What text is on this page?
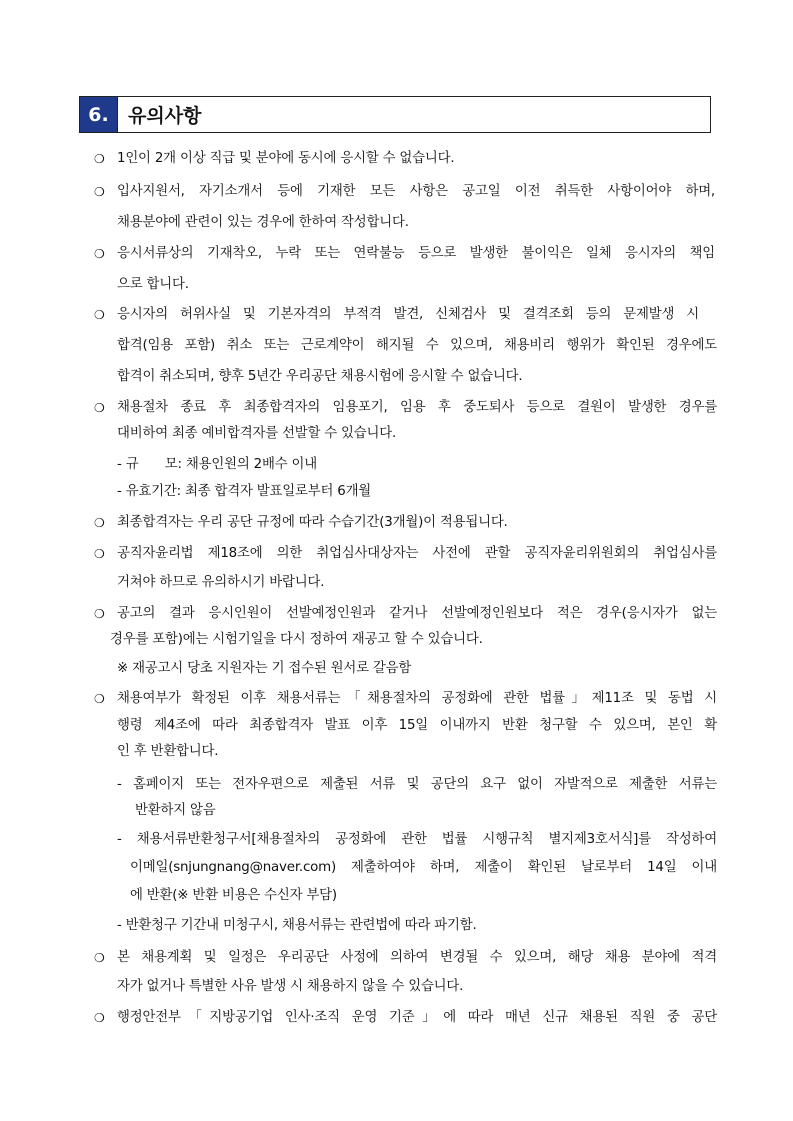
6.	유의사항
❍
❍
❍
❍
❍
❍
❍
❍
❍
❍
❍
1인이 2개 이상 직급 및 분야에 동시에 응시할 수 없습니다.
입사지원서, 자기소개서 등에 기재한 모든 사항은 공고일 이전 취득한 사항이어야 하며,
채용분야에 관련이 있는 경우에 한하여 작성합니다.
응시서류상의 기재착오, 누락 또는 연락불능 등으로 발생한 불이익은 일체 응시자의 책임
으로 합니다.
응시자의 허위사실 및 기본자격의 부적격 발견, 신체검사 및 결격조회 등의 문제발생 시
합격(임용 포함) 취소 또는 근로계약이 해지될 수 있으며, 채용비리 행위가 확인된 경우에도
합격이 취소되며, 향후 5년간 우리공단 채용시험에 응시할 수 없습니다.
채용절차 종료 후 최종합격자의 임용포기, 임용 후 중도퇴사 등으로 결원이 발생한 경우를
대비하여 최종 예비합격자를 선발할 수 있습니다.
- 규　　모: 채용인원의 2배수 이내
- 유효기간: 최종 합격자 발표일로부터 6개월
최종합격자는 우리 공단 규정에 따라 수습기간(3개월)이 적용됩니다.
공직자윤리법 제18조에 의한 취업심사대상자는 사전에 관할 공직자윤리위원회의 취업심사를
거쳐야 하므로 유의하시기 바랍니다.
공고의 결과 응시인원이 선발예정인원과 같거나 선발예정인원보다 적은 경우(응시자가 없는
경우를 포함)에는 시험기일을 다시 정하여 재공고 할 수 있습니다.
※ 재공고시 당초 지원자는 기 접수된 원서로 갈음함
채용여부가 확정된 이후 채용서류는「채용절차의 공정화에 관한 법률」제11조 및 동법 시
행령 제4조에 따라 최종합격자 발표 이후 15일 이내까지 반환 청구할 수 있으며, 본인 확
인 후 반환합니다.
- 홈페이지 또는 전자우편으로 제출된 서류 및 공단의 요구 없이 자발적으로 제출한 서류는
반환하지 않음
- 채용서류반환청구서[채용절차의 공정화에 관한 법률 시행규칙 별지제3호서식]를 작성하여
이메일(snjungnang@naver.com) 제출하여야 하며, 제출이 확인된 날로부터 14일 이내
에 반환(※ 반환 비용은 수신자 부담)
- 반환청구 기간내 미청구시, 채용서류는 관련법에 따라 파기함.
본 채용계획 및 일정은 우리공단 사정에 의하여 변경될 수 있으며, 해당 채용 분야에 적격
자가 없거나 특별한 사유 발생 시 채용하지 않을 수 있습니다.
행정안전부「지방공기업 인사‧조직 운영 기준」에 따라 매년 신규 채용된 직원 중 공단
